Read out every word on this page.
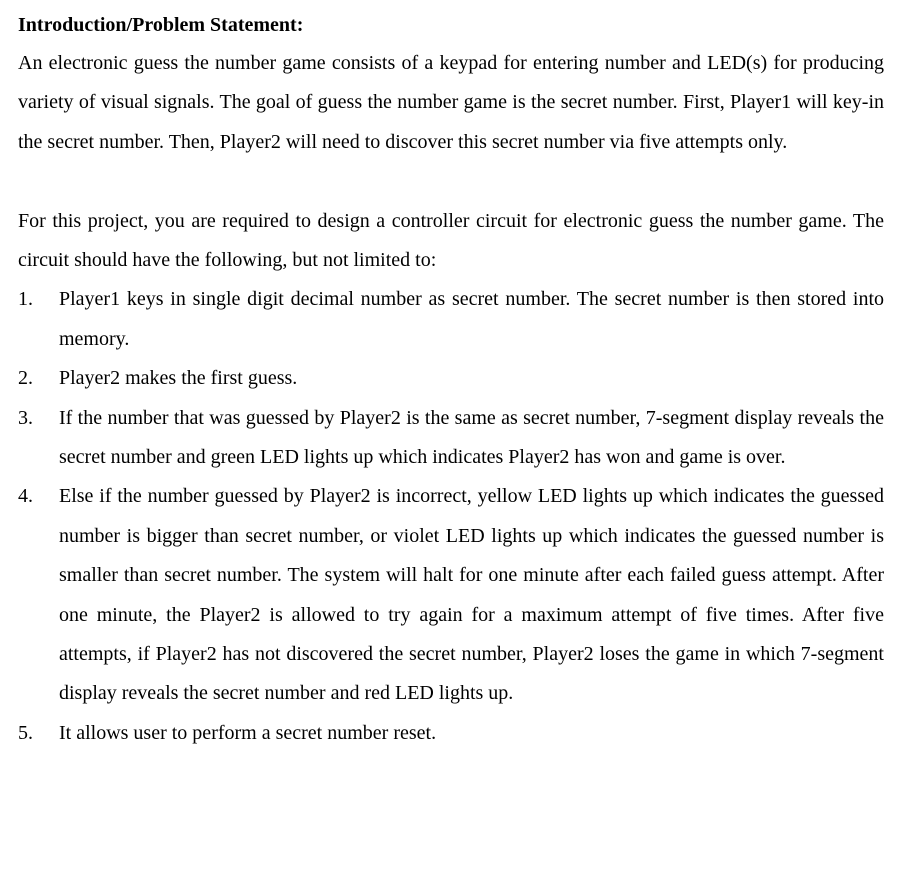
Introduction/Problem Statement:

An electronic guess the number game consists of a keypad for entering number and LED(s) for producing variety of visual signals. The goal of guess the number game is the secret number. First, Player1 will key-in the secret number. Then, Player2 will need to discover this secret number via five attempts only.

For this project, you are required to design a controller circuit for electronic guess the number game. The circuit should have the following, but not limited to:

1. Player1 keys in single digit decimal number as secret number. The secret number is then stored into memory.
2. Player2 makes the first guess.
3. If the number that was guessed by Player2 is the same as secret number, 7-segment display reveals the secret number and green LED lights up which indicates Player2 has won and game is over.
4. Else if the number guessed by Player2 is incorrect, yellow LED lights up which indicates the guessed number is bigger than secret number, or violet LED lights up which indicates the guessed number is smaller than secret number. The system will halt for one minute after each failed guess attempt. After one minute, the Player2 is allowed to try again for a maximum attempt of five times. After five attempts, if Player2 has not discovered the secret number, Player2 loses the game in which 7-segment display reveals the secret number and red LED lights up.
5. It allows user to perform a secret number reset.
